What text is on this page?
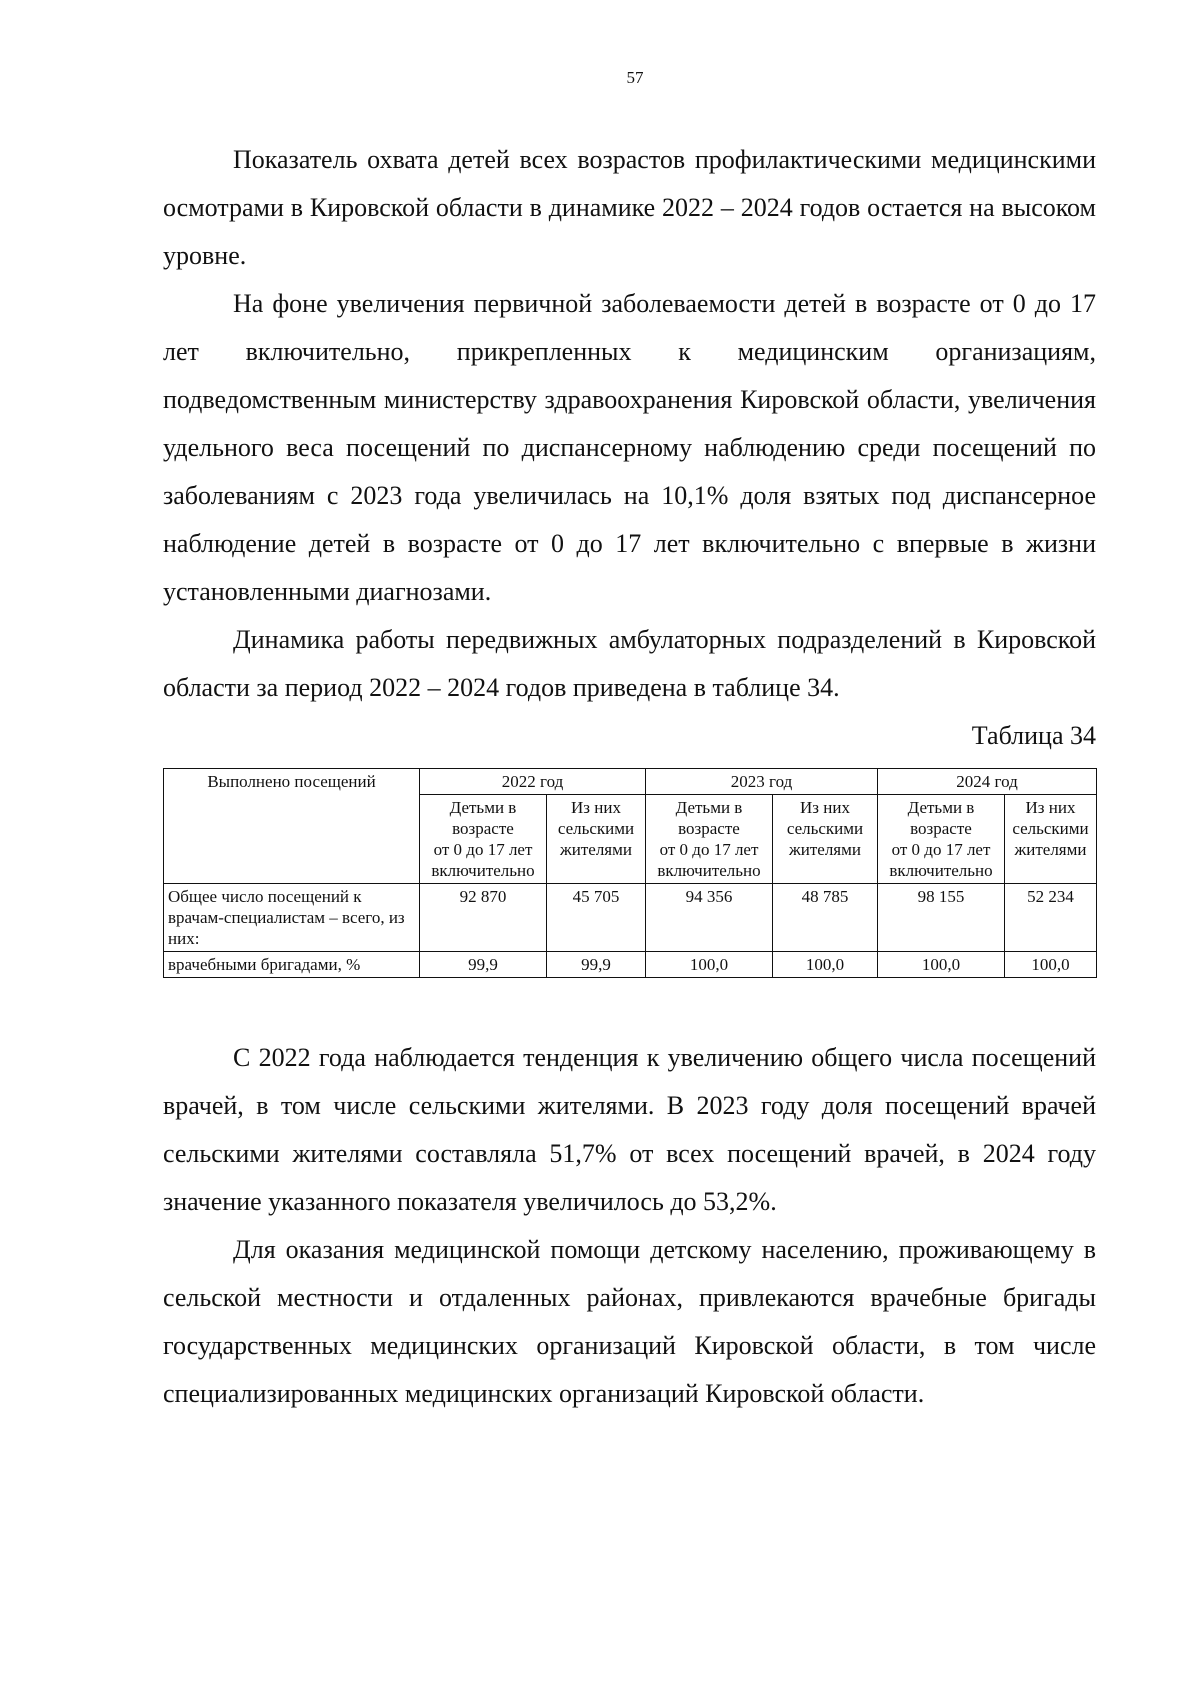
57

Показатель охвата детей всех возрастов профилактическими медицинскими осмотрами в Кировской области в динамике 2022 – 2024 годов остается на высоком уровне.

На фоне увеличения первичной заболеваемости детей в возрасте от 0 до 17 лет включительно, прикрепленных к медицинским организациям, подведомственным министерству здравоохранения Кировской области, увеличения удельного веса посещений по диспансерному наблюдению среди посещений по заболеваниям с 2023 года увеличилась на 10,1% доля взятых под диспансерное наблюдение детей в возрасте от 0 до 17 лет включительно с впервые в жизни установленными диагнозами.

Динамика работы передвижных амбулаторных подразделений в Кировской области за период 2022 – 2024 годов приведена в таблице 34.

Таблица 34
Выполнено посещений	2022 год		2023 год		2024 год	

	Детьми в
возрасте
от 0 до 17 лет
включительно	Из них
сельскими
жителями	Детьми в
возрасте
от 0 до 17 лет
включительно	Из них
сельскими
жителями	Детьми в
возрасте
от 0 до 17 лет
включительно	Из них
сельскими
жителями

Общее число посещений к врачам-специалистам – всего, из них:	92 870	45 705	94 356	48 785	98 155	52 234
врачебными бригадами, %	99,9	99,9	100,0	100,0	100,0	100,0

С 2022 года наблюдается тенденция к увеличению общего числа посещений врачей, в том числе сельскими жителями. В 2023 году доля посещений врачей сельскими жителями составляла 51,7% от всех посещений врачей, в 2024 году значение указанного показателя увеличилось до 53,2%.

Для оказания медицинской помощи детскому населению, проживающему в сельской местности и отдаленных районах, привлекаются врачебные бригады государственных медицинских организаций Кировской области, в том числе специализированных медицинских организаций Кировской области.
